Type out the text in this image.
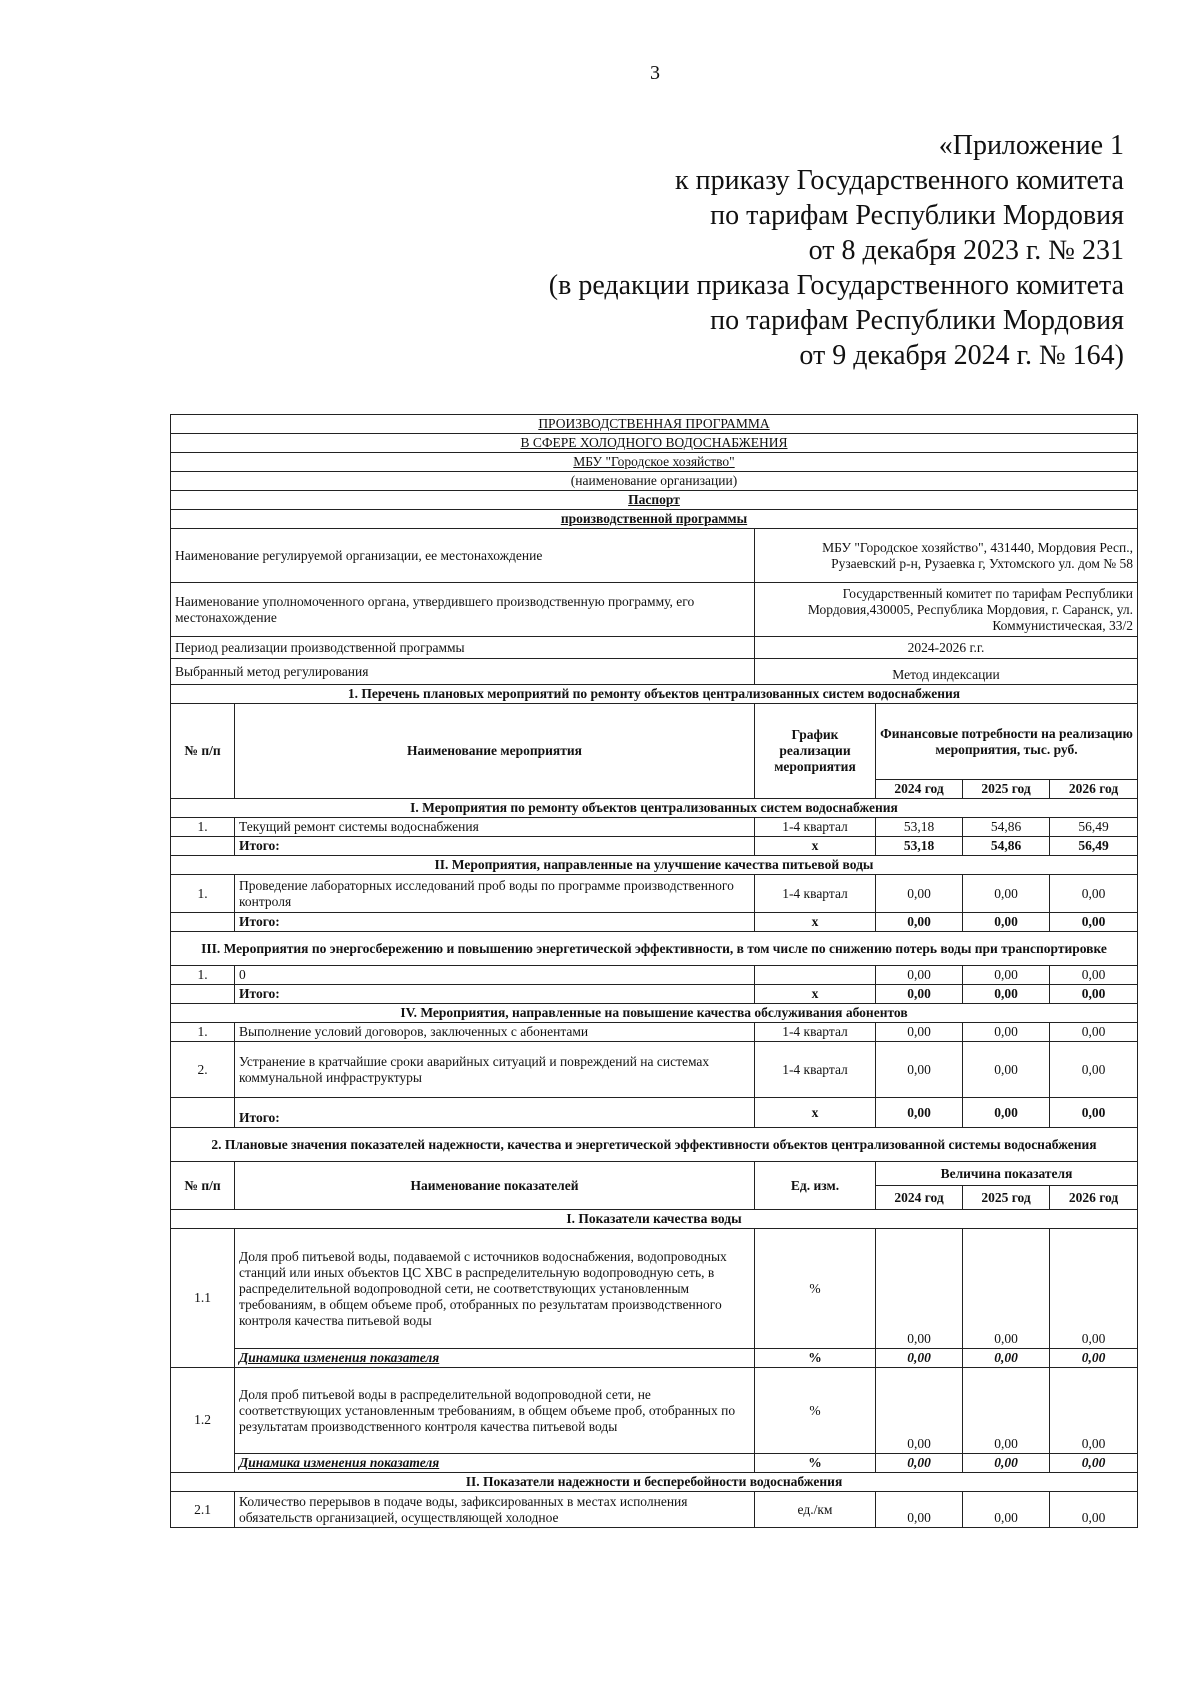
3
«Приложение 1
к приказу Государственного комитета
по тарифам Республики Мордовия
от 8 декабря 2023 г. № 231
(в редакции приказа Государственного комитета
по тарифам Республики Мордовия
от 9 декабря 2024 г. № 164)
ПРОИЗВОДСТВЕННАЯ ПРОГРАММА					
В СФЕРЕ ХОЛОДНОГО ВОДОСНАБЖЕНИЯ					
МБУ "Городское хозяйство"					
(наименование организации)					
Паспорт					
производственной программы					
Наименование регулируемой организации, ее местонахождение		МБУ "Городское хозяйство", 431440, Мордовия Респ., Рузаевский р-н, Рузаевка г, Ухтомского ул. дом № 58			
Наименование уполномоченного органа, утвердившего производственную программу, его местонахождение		Государственный комитет по тарифам Республики Мордовия,430005, Республика Мордовия, г. Саранск, ул. Коммунистическая, 33/2			
Период реализации производственной программы		2024-2026 г.г.			
Выбранный метод регулирования		Метод индексации			
1. Перечень плановых мероприятий по ремонту объектов централизованных систем водоснабжения					
№ п/п	Наименование мероприятия	График реализации мероприятия	Финансовые потребности на реализацию мероприятия, тыс. руб.		
			2024 год	2025 год	2026 год
I. Мероприятия по ремонту объектов централизованных систем водоснабжения					
1.	Текущий ремонт системы водоснабжения	1-4 квартал	53,18	54,86	56,49
	Итого:	х	53,18	54,86	56,49
II. Мероприятия, направленные на улучшение качества питьевой воды					
1.	Проведение лабораторных исследований проб воды по программе производственного контроля	1-4 квартал	0,00	0,00	0,00
	Итого:	х	0,00	0,00	0,00
III. Мероприятия по энергосбережению и повышению энергетической эффективности, в том числе по снижению потерь воды при транспортировке					
1.	0		0,00	0,00	0,00
	Итого:	х	0,00	0,00	0,00
IV. Мероприятия, направленные на повышение качества обслуживания абонентов					
1.	Выполнение условий договоров, заключенных с абонентами	1-4 квартал	0,00	0,00	0,00
2.	Устранение в кратчайшие сроки аварийных ситуаций и повреждений на системах коммунальной инфраструктуры	1-4 квартал	0,00	0,00	0,00
	Итого:	х	0,00	0,00	0,00
2. Плановые значения показателей надежности, качества и энергетической эффективности объектов централизованной системы водоснабжения					
№ п/п	Наименование показателей	Ед. изм.	Величина показателя		
			2024 год	2025 год	2026 год
I. Показатели качества воды					
1.1	Доля проб питьевой воды, подаваемой с источников водоснабжения, водопроводных станций или иных объектов ЦС ХВС в распределительную водопроводную сеть, в распределительной водопроводной сети, не соответствующих установленным требованиям, в общем объеме проб, отобранных по результатам производственного контроля качества питьевой воды	%	0,00	0,00	0,00
	Динамика изменения показателя	%	0,00	0,00	0,00
1.2	Доля проб питьевой воды в распределительной водопроводной сети, не соответствующих установленным требованиям, в общем объеме проб, отобранных по результатам производственного контроля качества питьевой воды	%	0,00	0,00	0,00
	Динамика изменения показателя	%	0,00	0,00	0,00
II. Показатели надежности и бесперебойности водоснабжения					
2.1	Количество перерывов в подаче воды, зафиксированных в местах исполнения обязательств организацией, осуществляющей холодное	ед./км	0,00	0,00	0,00
